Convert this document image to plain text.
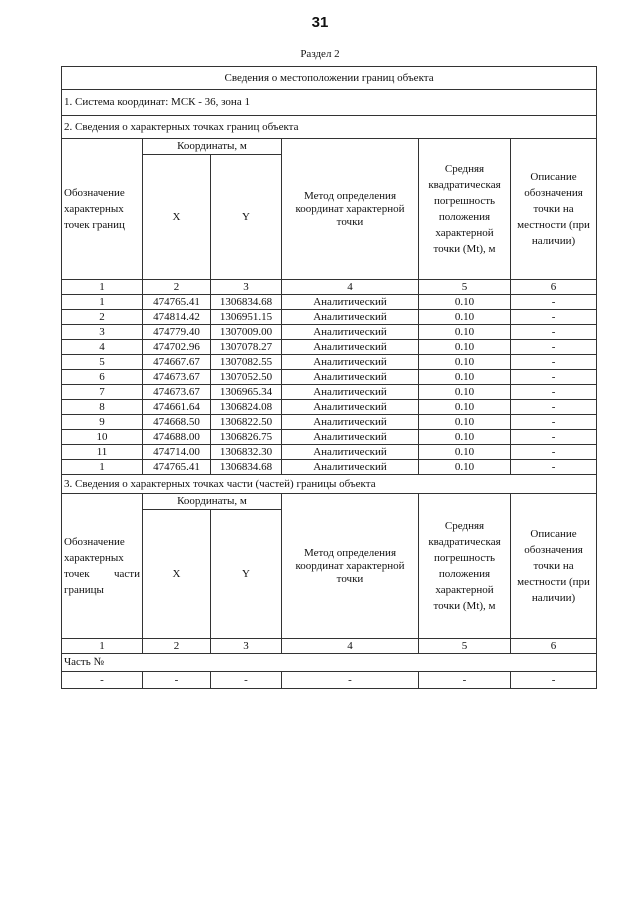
31
Раздел 2
Сведения о местоположении границ объекта					
1. Система координат: МСК - 36, зона 1					
2. Сведения о характерных точках границ объекта					
Обозначение характерных точек границ	Координаты, м		Метод определения координат характерной точки	Средняя квадратическая погрешность положения характерной точки (Mt), м	Описание обозначения точки на местности (при наличии)
	X	Y			
1	2	3	4	5	6
1	474765.41	1306834.68	Аналитический	0.10	-
2	474814.42	1306951.15	Аналитический	0.10	-
3	474779.40	1307009.00	Аналитический	0.10	-
4	474702.96	1307078.27	Аналитический	0.10	-
5	474667.67	1307082.55	Аналитический	0.10	-
6	474673.67	1307052.50	Аналитический	0.10	-
7	474673.67	1306965.34	Аналитический	0.10	-
8	474661.64	1306824.08	Аналитический	0.10	-
9	474668.50	1306822.50	Аналитический	0.10	-
10	474688.00	1306826.75	Аналитический	0.10	-
11	474714.00	1306832.30	Аналитический	0.10	-
1	474765.41	1306834.68	Аналитический	0.10	-
3. Сведения о характерных точках части (частей) границы объекта					
Обозначение характерных точек части границы	Координаты, м		Метод определения координат характерной точки	Средняя квадратическая погрешность положения характерной точки (Mt), м	Описание обозначения точки на местности (при наличии)
	X	Y			
1	2	3	4	5	6
Часть №					
-	-	-	-	-	-
